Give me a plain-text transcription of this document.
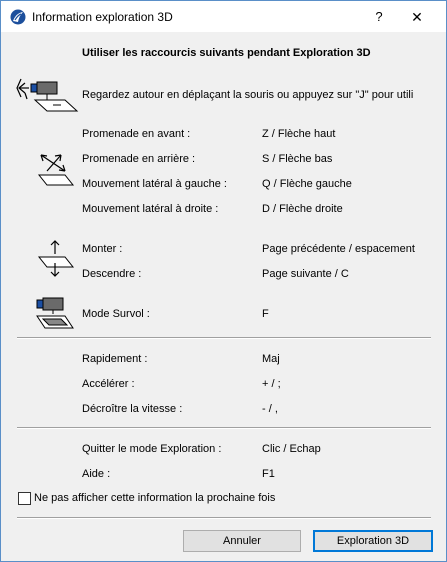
Information exploration 3D	?	✕
Utiliser les raccourcis suivants pendant Exploration 3D
Regardez autour en déplaçant la souris ou appuyez sur "J" pour utili
Promenade en avant :	Z / Flèche haut
Promenade en arrière :	S / Flèche bas
Mouvement latéral à gauche :	Q / Flèche gauche
Mouvement latéral à droite :	D / Flèche droite
Monter :	Page précédente / espacement
Descendre :	Page suivante / C
Mode Survol :	F
Rapidement :	Maj
Accélérer :	+ / ;
Décroître la vitesse :	- / ,
Quitter le mode Exploration :	Clic / Echap
Aide :	F1
Ne pas afficher cette information la prochaine fois
Annuler	Exploration 3D
